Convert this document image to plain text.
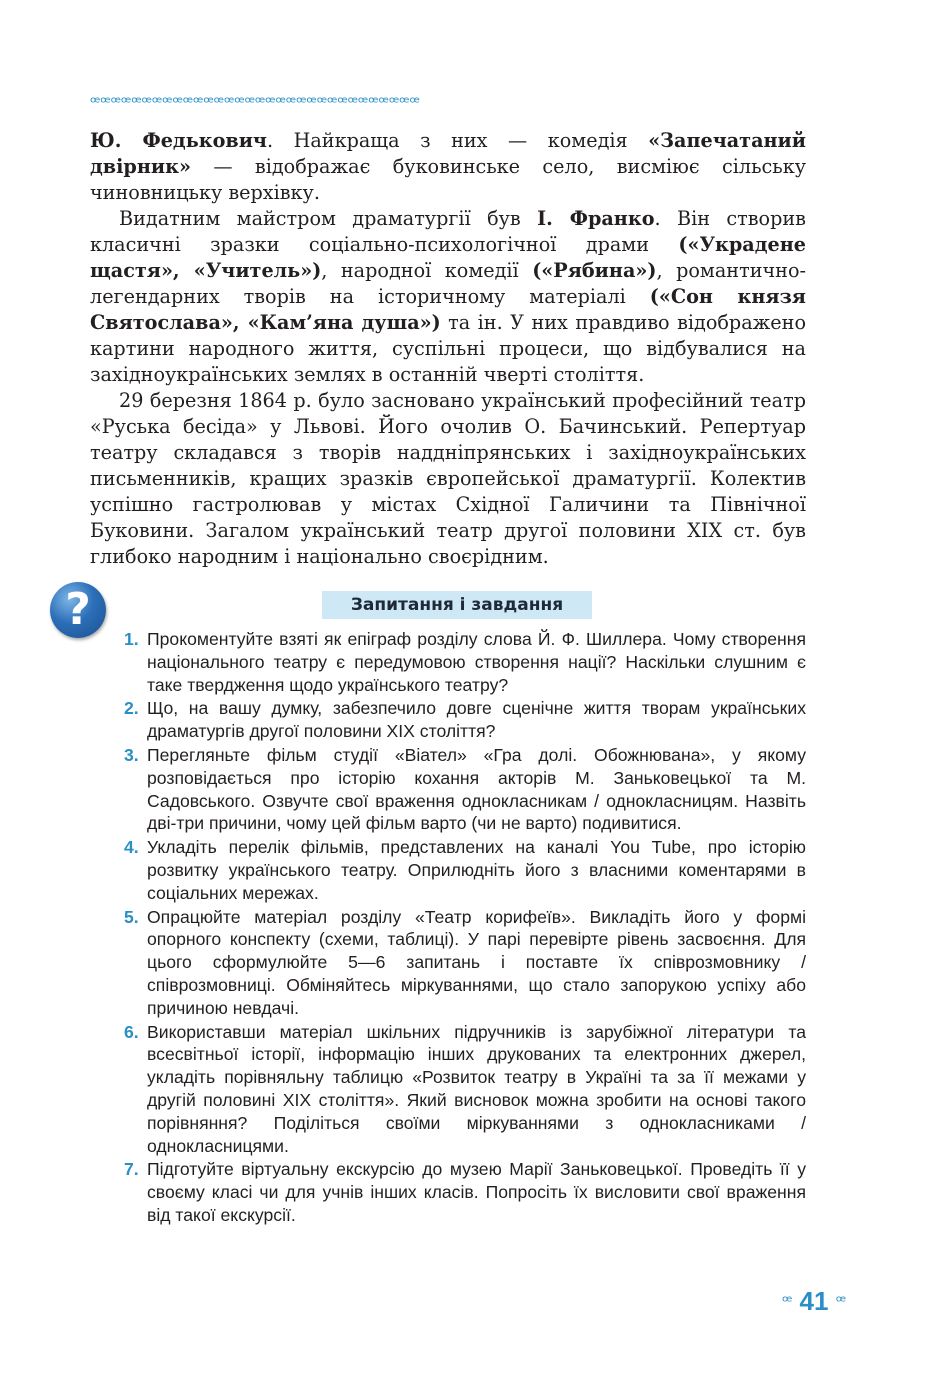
ꟹꟹꟹꟹꟹꟹꟹꟹꟹꟹꟹꟹꟹꟹꟹꟹꟹꟹꟹꟹꟹꟹꟹꟹꟹꟹꟹꟹꟹꟹꟹꟹ

Ю. Федькович. Найкраща з них — комедія «Запечатаний двірник» — відображає буковинське село, висміює сільську чиновницьку верхівку.

Видатним майстром драматургії був І. Франко. Він створив класичні зразки соціально-психологічної драми («Украдене щастя», «Учитель»), народної комедії («Рябина»), романтично-легендарних творів на історичному матеріалі («Сон князя Святослава», «Кам’яна душа») та ін. У них правдиво відображено картини народного життя, суспільні процеси, що відбувалися на західноукраїнських землях в останній чверті століття.

29 березня 1864 р. було засновано український професійний театр «Руська бесіда» у Львові. Його очолив О. Бачинський. Репертуар театру складався з творів наддніпрянських і західноукраїнських письменників, кращих зразків європейської драматургії. Колектив успішно гастролював у містах Східної Галичини та Північної Буковини. Загалом український театр другої половини ХІХ ст. був глибоко народним і національно своєрідним.

?	Запитання і завдання
1. Прокоментуйте взяті як епіграф розділу слова Й. Ф. Шиллера. Чому створення національного театру є передумовою створення нації? Наскільки слушним є таке твердження щодо українського театру?
2. Що, на вашу думку, забезпечило довге сценічне життя творам українських драматургів другої половини ХІХ століття?
3. Перегляньте фільм студії «Віател» «Гра долі. Обожнювана», у якому розповідається про історію кохання акторів М. Заньковецької та М. Садовського. Озвучте свої враження однокласникам / однокласницям. Назвіть дві-три причини, чому цей фільм варто (чи не варто) подивитися.
4. Укладіть перелік фільмів, представлених на каналі You Tube, про історію розвитку українського театру. Оприлюдніть його з власними коментарями в соціальних мережах.
5. Опрацюйте матеріал розділу «Театр корифеїв». Викладіть його у формі опорного конспекту (схеми, таблиці). У парі перевірте рівень засвоєння. Для цього сформулюйте 5—6 запитань і поставте їх співрозмовнику / співрозмовниці. Обміняйтесь міркуваннями, що стало запорукою успіху або причиною невдачі.
6. Використавши матеріал шкільних підручників із зарубіжної літератури та всесвітньої історії, інформацію інших друкованих та електронних джерел, укладіть порівняльну таблицю «Розвиток театру в Україні та за її межами у другій половині ХІХ століття». Який висновок можна зробити на основі такого порівняння? Поділіться своїми міркуваннями з однокласниками / однокласницями.
7. Підготуйте віртуальну екскурсію до музею Марії Заньковецької. Проведіть її у своєму класі чи для учнів інших класів. Попросіть їх висловити свої враження від такої екскурсії.
ꟹ 41 ꟹ
